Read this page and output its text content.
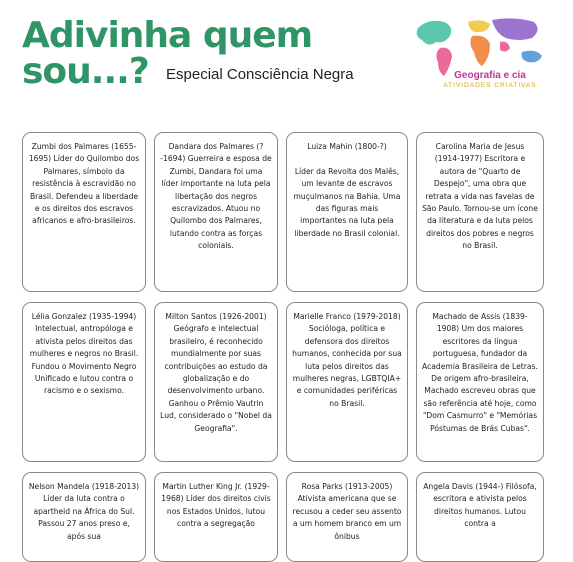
Adivinha quem
sou...?	Especial Consciência Negra	Geografia e cia
ATIVIDADES CRIATIVAS

Zumbi dos Palmares (1655-1695) Líder do Quilombo dos Palmares, símbolo da resistência à escravidão no Brasil. Defendeu a liberdade e os direitos dos escravos africanos e afro-brasileiros.

Dandara dos Palmares (?-1694) Guerreira e esposa de Zumbi, Dandara foi uma líder importante na luta pela libertação dos negros escravizados. Atuou no Quilombo dos Palmares, lutando contra as forças coloniais.

Luiza Mahin (1800-?)

Líder da Revolta dos Malês, um levante de escravos muçulmanos na Bahia. Uma das figuras mais importantes na luta pela liberdade no Brasil colonial.

Carolina Maria de Jesus (1914-1977) Escritora e autora de "Quarto de Despejo", uma obra que retrata a vida nas favelas de São Paulo. Tornou-se um ícone da literatura e da luta pelos direitos dos pobres e negros no Brasil.

Lélia Gonzalez (1935-1994) Intelectual, antropóloga e ativista pelos direitos das mulheres e negros no Brasil. Fundou o Movimento Negro Unificado e lutou contra o racismo e o sexismo.

Milton Santos (1926-2001) Geógrafo e intelectual brasileiro, é reconhecido mundialmente por suas contribuições ao estudo da globalização e do desenvolvimento urbano. Ganhou o Prêmio Vautrin Lud, considerado o "Nobel da Geografia".

Marielle Franco (1979-2018) Socióloga, política e defensora dos direitos humanos, conhecida por sua luta pelos direitos das mulheres negras, LGBTQIA+ e comunidades periféricas no Brasil.

Machado de Assis (1839-1908) Um dos maiores escritores da língua portuguesa, fundador da Academia Brasileira de Letras. De origem afro-brasileira, Machado escreveu obras que são referência até hoje, como "Dom Casmurro" e "Memórias Póstumas de Brás Cubas".

Nelson Mandela (1918-2013) Líder da luta contra o apartheid na África do Sul. Passou 27 anos preso e, após sua

Martin Luther King Jr. (1929-1968) Líder dos direitos civis nos Estados Unidos, lutou contra a segregação

Rosa Parks (1913-2005) Ativista americana que se recusou a ceder seu assento a um homem branco em um ônibus

Angela Davis (1944-) Filósofa, escritora e ativista pelos direitos humanos. Lutou contra a
